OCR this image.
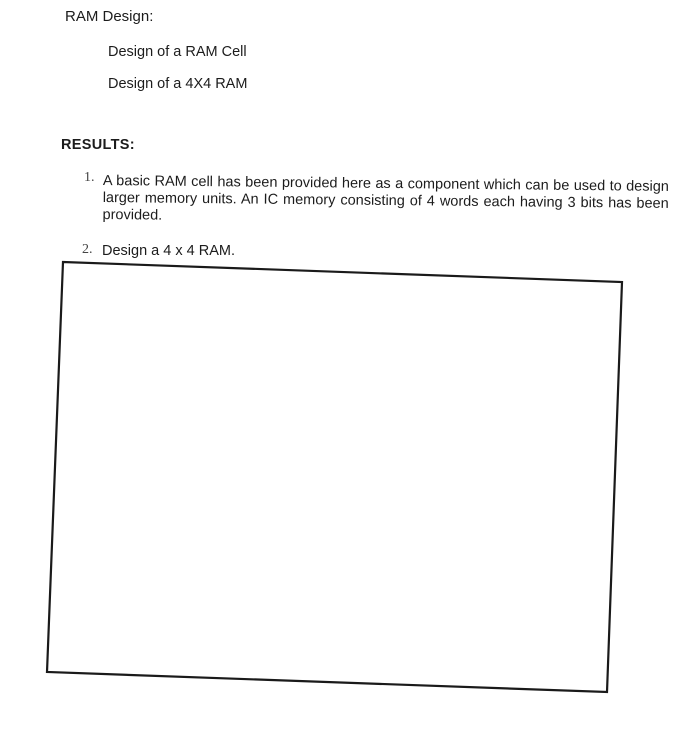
RAM Design:
Design of a RAM Cell
Design of a 4X4 RAM
RESULTS:
1. A basic RAM cell has been provided here as a component which can be used to design larger memory units. An IC memory consisting of 4 words each having 3 bits has been provided.
2. Design a 4 x 4 RAM.
